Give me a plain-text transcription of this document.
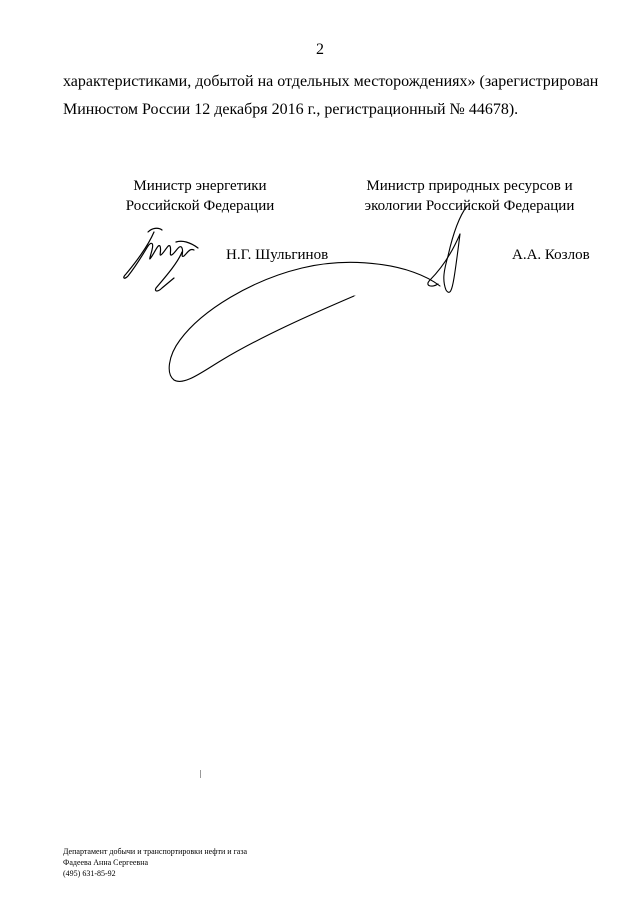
2
характеристиками, добытой на отдельных месторождениях» (зарегистрирован
Минюстом России 12 декабря 2016 г., регистрационный № 44678).
Министр энергетики
Российской Федерации
Н.Г. Шульгинов
Министр природных ресурсов и
экологии Российской Федерации
А.А. Козлов
Департамент добычи и транспортировки нефти и газа
Фадеева Анна Сергеевна
(495) 631-85-92
